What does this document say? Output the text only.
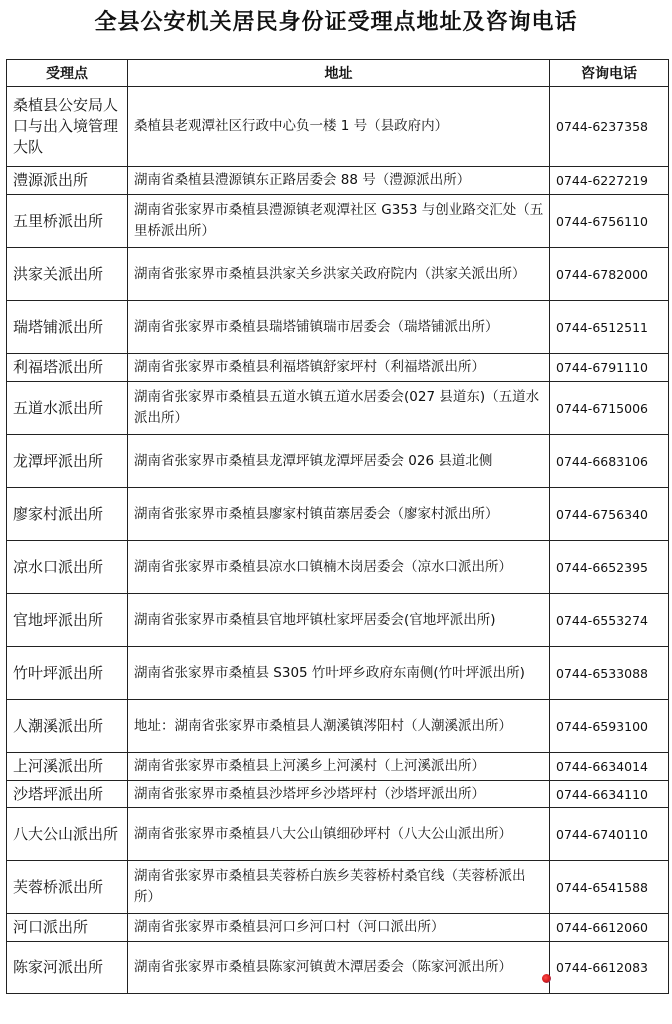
全县公安机关居民身份证受理点地址及咨询电话
受理点	地址	咨询电话
桑植县公安局人口与出入境管理大队	桑植县老观潭社区行政中心负一楼 1 号（县政府内）	0744-6237358
澧源派出所	湖南省桑植县澧源镇东正路居委会 88 号（澧源派出所）	0744-6227219
五里桥派出所	湖南省张家界市桑植县澧源镇老观潭社区 G353 与创业路交汇处（五里桥派出所）	0744-6756110
洪家关派出所	湖南省张家界市桑植县洪家关乡洪家关政府院内（洪家关派出所）	0744-6782000
瑞塔铺派出所	湖南省张家界市桑植县瑞塔铺镇瑞市居委会（瑞塔铺派出所）	0744-6512511
利福塔派出所	湖南省张家界市桑植县利福塔镇舒家坪村（利福塔派出所）	0744-6791110
五道水派出所	湖南省张家界市桑植县五道水镇五道水居委会(027 县道东)（五道水派出所）	0744-6715006
龙潭坪派出所	湖南省张家界市桑植县龙潭坪镇龙潭坪居委会 026 县道北侧	0744-6683106
廖家村派出所	湖南省张家界市桑植县廖家村镇苗寨居委会（廖家村派出所）	0744-6756340
凉水口派出所	湖南省张家界市桑植县凉水口镇楠木岗居委会（凉水口派出所）	0744-6652395
官地坪派出所	湖南省张家界市桑植县官地坪镇杜家坪居委会(官地坪派出所)	0744-6553274
竹叶坪派出所	湖南省张家界市桑植县 S305 竹叶坪乡政府东南侧(竹叶坪派出所)	0744-6533088
人潮溪派出所	地址：湖南省张家界市桑植县人潮溪镇涔阳村（人潮溪派出所）	0744-6593100
上河溪派出所	湖南省张家界市桑植县上河溪乡上河溪村（上河溪派出所）	0744-6634014
沙塔坪派出所	湖南省张家界市桑植县沙塔坪乡沙塔坪村（沙塔坪派出所）	0744-6634110
八大公山派出所	湖南省张家界市桑植县八大公山镇细砂坪村（八大公山派出所）	0744-6740110
芙蓉桥派出所	湖南省张家界市桑植县芙蓉桥白族乡芙蓉桥村桑官线（芙蓉桥派出所）	0744-6541588
河口派出所	湖南省张家界市桑植县河口乡河口村（河口派出所）	0744-6612060
陈家河派出所	湖南省张家界市桑植县陈家河镇黄木潭居委会（陈家河派出所）	0744-6612083
